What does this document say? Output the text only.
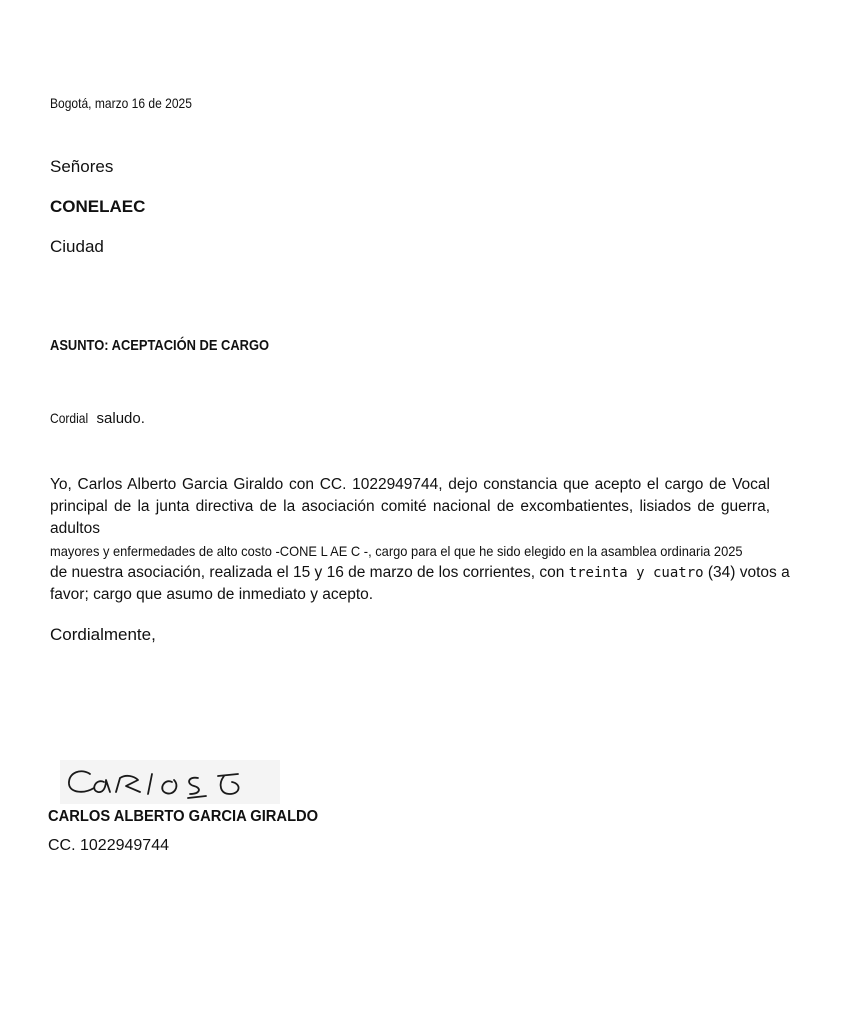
Bogotá, marzo 16 de 2025
Señores
CONELAEC
Ciudad
ASUNTO: ACEPTACIÓN DE CARGO
Cordial saludo.
Yo, Carlos Alberto Garcia Giraldo con CC. 1022949744, dejo constancia que acepto el cargo de Vocal
principal de la junta directiva de la asociación comité nacional de excombatientes, lisiados de guerra, adultos
mayores y enfermedades de alto costo -CONE L AE C -, cargo para el que he sido elegido en la asamblea ordinaria 2025
de nuestra asociación, realizada el 15 y 16 de marzo de los corrientes, con treinta y cuatro (34) votos a
favor; cargo que asumo de inmediato y acepto.
Cordialmente,
CARLOS ALBERTO GARCIA GIRALDO
CC. 1022949744
